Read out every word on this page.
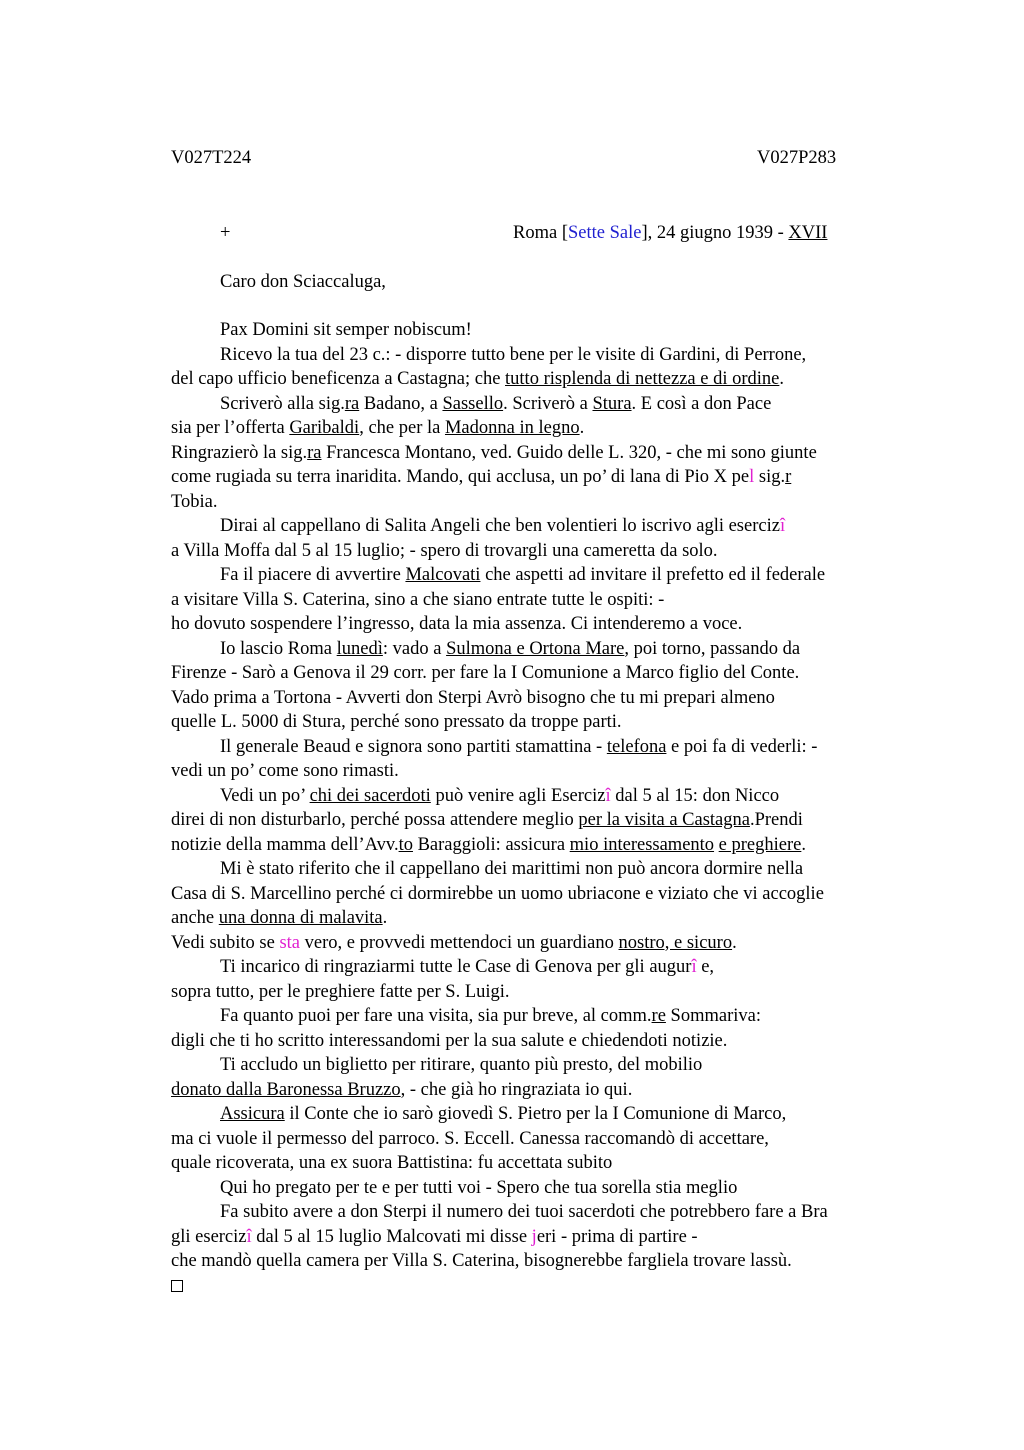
V027T224	V027P283
+	Roma [Sette Sale], 24 giugno 1939 - XVII
Caro don Sciaccaluga,
Pax Domini sit semper nobiscum!
Ricevo la tua del 23 c.: - disporre tutto bene per le visite di Gardini, di Perrone,
del capo ufficio beneficenza a Castagna; che tutto risplenda di nettezza e di ordine.
Scriverò alla sig.ra Badano, a Sassello. Scriverò a Stura. E così a don Pace
sia per l’offerta Garibaldi, che per la Madonna in legno.
Ringrazierò la sig.ra Francesca Montano, ved. Guido delle L. 320, - che mi sono giunte
come rugiada su terra inaridita. Mando, qui acclusa, un po’ di lana di Pio X pel sig.r
Tobia.
Dirai al cappellano di Salita Angeli che ben volentieri lo iscrivo agli esercizî
a Villa Moffa dal 5 al 15 luglio; - spero di trovargli una cameretta da solo.
Fa il piacere di avvertire Malcovati che aspetti ad invitare il prefetto ed il federale
a visitare Villa S. Caterina, sino a che siano entrate tutte le ospiti: -
ho dovuto sospendere l’ingresso, data la mia assenza. Ci intenderemo a voce.
Io lascio Roma lunedì: vado a Sulmona e Ortona Mare, poi torno, passando da
Firenze - Sarò a Genova il 29 corr. per fare la I Comunione a Marco figlio del Conte.
Vado prima a Tortona - Avverti don Sterpi Avrò bisogno che tu mi prepari almeno
quelle L. 5000 di Stura, perché sono pressato da troppe parti.
Il generale Beaud e signora sono partiti stamattina - telefona e poi fa di vederli: -
vedi un po’ come sono rimasti.
Vedi un po’ chi dei sacerdoti può venire agli Esercizî dal 5 al 15: don Nicco
direi di non disturbarlo, perché possa attendere meglio per la visita a Castagna.Prendi
notizie della mamma dell’Avv.to Baraggioli: assicura mio interessamento e preghiere.
Mi è stato riferito che il cappellano dei marittimi non può ancora dormire nella
Casa di S. Marcellino perché ci dormirebbe un uomo ubriacone e viziato che vi accoglie
anche una donna di malavita.
Vedi subito se sta vero, e provvedi mettendoci un guardiano nostro, e sicuro.
Ti incarico di ringraziarmi tutte le Case di Genova per gli augurî e,
sopra tutto, per le preghiere fatte per S. Luigi.
Fa quanto puoi per fare una visita, sia pur breve, al comm.re Sommariva:
digli che ti ho scritto interessandomi per la sua salute e chiedendoti notizie.
Ti accludo un biglietto per ritirare, quanto più presto, del mobilio
donato dalla Baronessa Bruzzo, - che già ho ringraziata io qui.
Assicura il Conte che io sarò giovedì S. Pietro per la I Comunione di Marco,
ma ci vuole il permesso del parroco. S. Eccell. Canessa raccomandò di accettare,
quale ricoverata, una ex suora Battistina: fu accettata subito
Qui ho pregato per te e per tutti voi - Spero che tua sorella stia meglio
Fa subito avere a don Sterpi il numero dei tuoi sacerdoti che potrebbero fare a Bra
gli esercizî dal 5 al 15 luglio Malcovati mi disse jeri - prima di partire -
che mandò quella camera per Villa S. Caterina, bisognerebbe fargliela trovare lassù.
